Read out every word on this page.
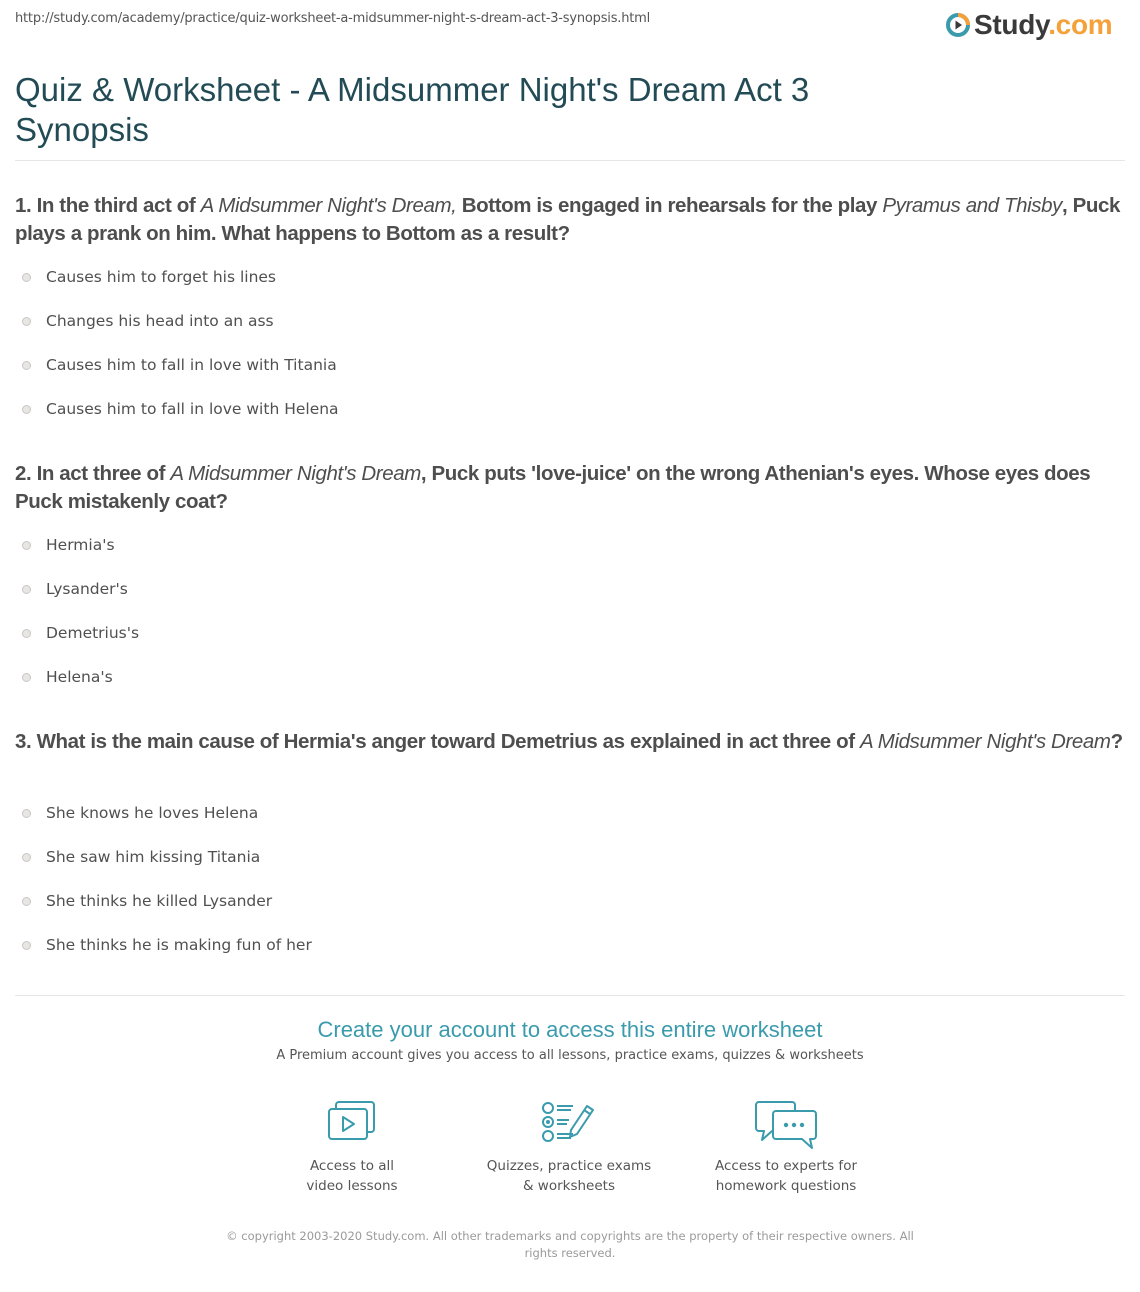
http://study.com/academy/practice/quiz-worksheet-a-midsummer-night-s-dream-act-3-synopsis.html	Study.com
Quiz & Worksheet - A Midsummer Night's Dream Act 3 Synopsis

1. In the third act of A Midsummer Night's Dream, Bottom is engaged in rehearsals for the play Pyramus and Thisby, Puck plays a prank on him. What happens to Bottom as a result?

Causes him to forget his lines
Changes his head into an ass
Causes him to fall in love with Titania
Causes him to fall in love with Helena

2. In act three of A Midsummer Night's Dream, Puck puts 'love-juice' on the wrong Athenian's eyes. Whose eyes does Puck mistakenly coat?

Hermia's
Lysander's
Demetrius's
Helena's

3. What is the main cause of Hermia's anger toward Demetrius as explained in act three of A Midsummer Night's Dream?

She knows he loves Helena
She saw him kissing Titania
She thinks he killed Lysander
She thinks he is making fun of her
Create your account to access this entire worksheet
A Premium account gives you access to all lessons, practice exams, quizzes & worksheets
Access to all
video lessons
Quizzes, practice exams
& worksheets
Access to experts for
homework questions
© copyright 2003-2020 Study.com. All other trademarks and copyrights are the property of their respective owners. All rights reserved.
